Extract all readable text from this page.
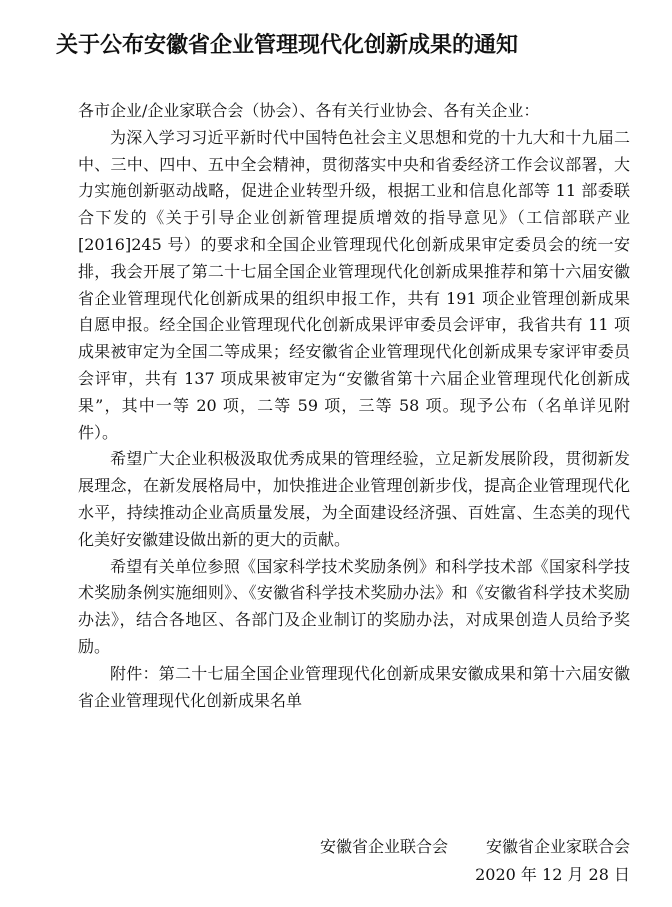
关于公布安徽省企业管理现代化创新成果的通知

各市企业/企业家联合会（协会）、各有关行业协会、各有关企业：

为深入学习习近平新时代中国特色社会主义思想和党的十九大和十九届二中、三中、四中、五中全会精神，贯彻落实中央和省委经济工作会议部署，大力实施创新驱动战略，促进企业转型升级，根据工业和信息化部等 11 部委联合下发的《关于引导企业创新管理提质增效的指导意见》（工信部联产业[2016]245 号）的要求和全国企业管理现代化创新成果审定委员会的统一安排，我会开展了第二十七届全国企业管理现代化创新成果推荐和第十六届安徽省企业管理现代化创新成果的组织申报工作，共有 191 项企业管理创新成果自愿申报。经全国企业管理现代化创新成果评审委员会评审，我省共有 11 项成果被审定为全国二等成果；经安徽省企业管理现代化创新成果专家评审委员会评审，共有 137 项成果被审定为“安徽省第十六届企业管理现代化创新成果”，其中一等 20 项，二等 59 项，三等 58 项。现予公布（名单详见附件）。

希望广大企业积极汲取优秀成果的管理经验，立足新发展阶段，贯彻新发展理念，在新发展格局中，加快推进企业管理创新步伐，提高企业管理现代化水平，持续推动企业高质量发展，为全面建设经济强、百姓富、生态美的现代化美好安徽建设做出新的更大的贡献。

希望有关单位参照《国家科学技术奖励条例》和科学技术部《国家科学技术奖励条例实施细则》、《安徽省科学技术奖励办法》和《安徽省科学技术奖励办法》，结合各地区、各部门及企业制订的奖励办法，对成果创造人员给予奖励。

附件：第二十七届全国企业管理现代化创新成果安徽成果和第十六届安徽省企业管理现代化创新成果名单

安徽省企业联合会 安徽省企业家联合会
2020 年 12 月 28 日
